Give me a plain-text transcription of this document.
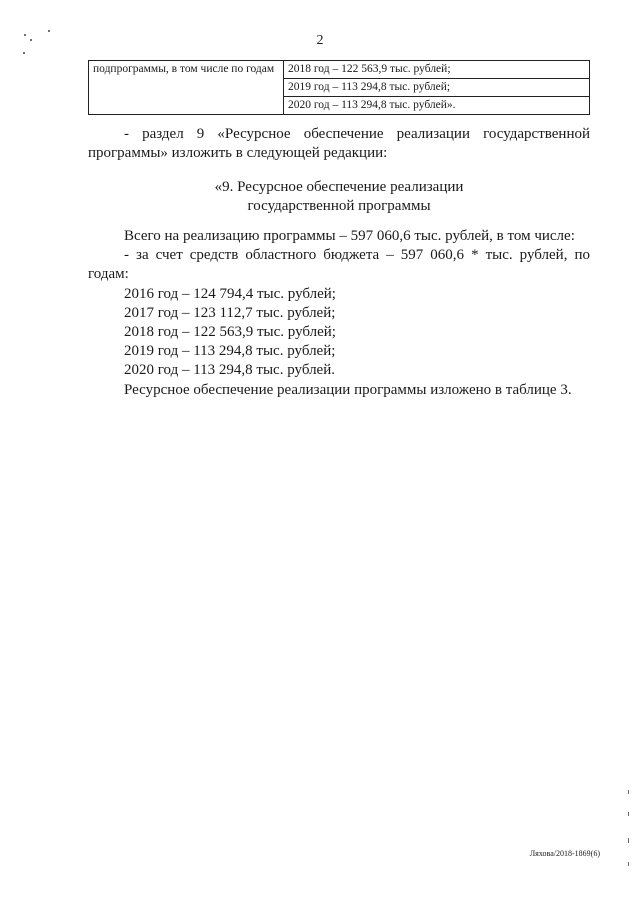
2
подпрограммы, в том числе по годам	2018 год – 122 563,9 тыс. рублей;
2019 год – 113 294,8 тыс. рублей;
2020 год – 113 294,8 тыс. рублей».
- раздел 9 «Ресурсное обеспечение реализации государственной программы» изложить в следующей редакции:
«9. Ресурсное обеспечение реализации
государственной программы

Всего на реализацию программы – 597 060,6 тыс. рублей, в том числе:

- за счет средств областного бюджета – 597 060,6 * тыс. рублей, по годам:

2016 год – 124 794,4 тыс. рублей;

2017 год – 123 112,7 тыс. рублей;

2018 год – 122 563,9 тыс. рублей;

2019 год – 113 294,8 тыс. рублей;

2020 год – 113 294,8 тыс. рублей.

Ресурсное обеспечение реализации программы изложено в таблице 3.

Ляхова/2018-1869(6)
